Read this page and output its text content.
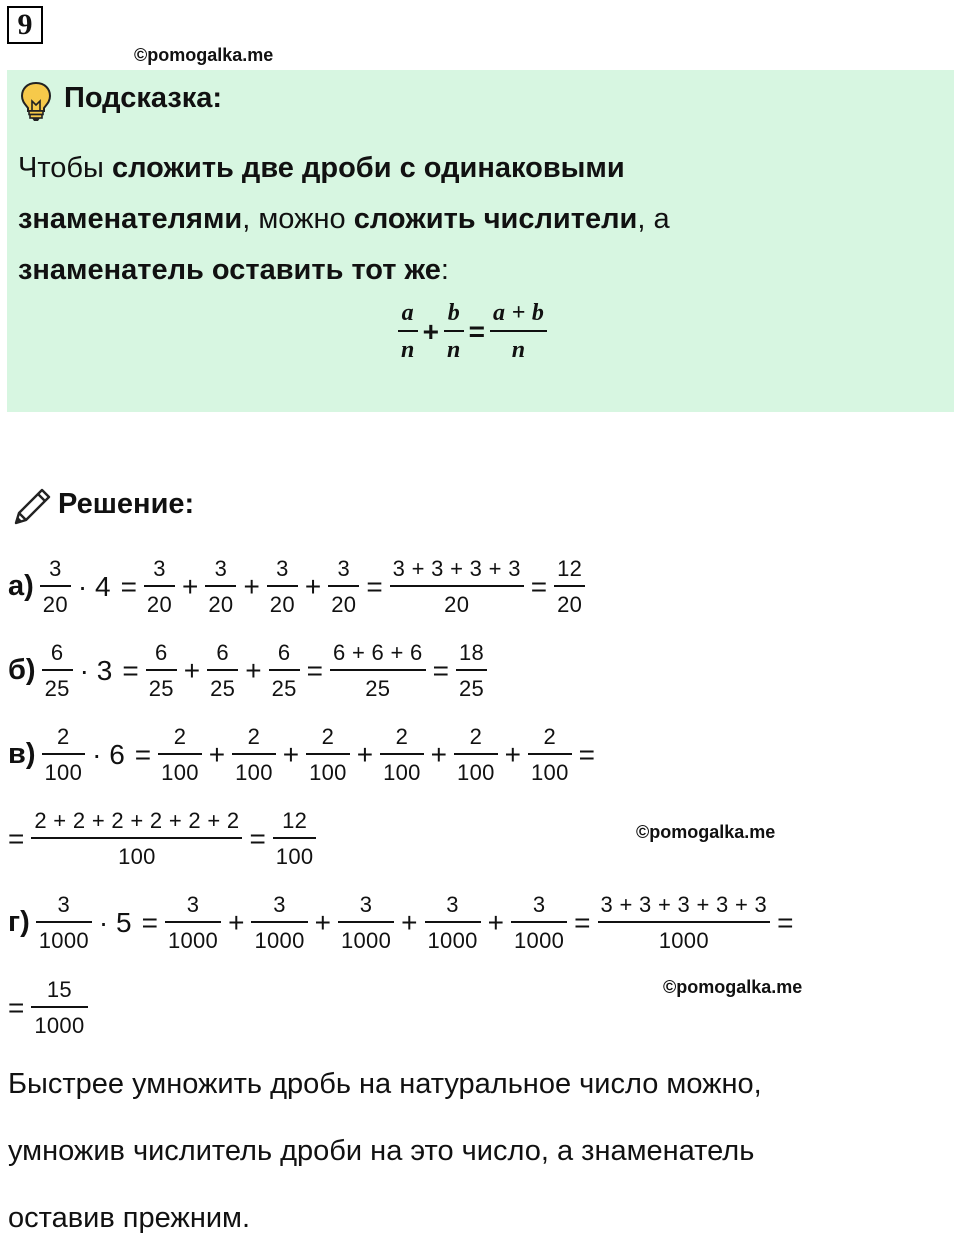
9
©pomogalka.me
Подсказка:
Чтобы сложить две дроби с одинаковыми
знаменателями, можно сложить числители, а
знаменатель оставить тот же:
$\frac{a}{n} + \frac{b}{n} = \frac{a + b}{n}$
Решение:
$а) \frac{3}{20} \cdot 4 = \frac{3}{20} + \frac{3}{20} + \frac{3}{20} + \frac{3}{20} = \frac{3 + 3 + 3 + 3}{20} = \frac{12}{20}$
$б) \frac{6}{25} \cdot 3 = \frac{6}{25} + \frac{6}{25} + \frac{6}{25} = \frac{6 + 6 + 6}{25} = \frac{18}{25}$
$в) \frac{2}{100} \cdot 6 = \frac{2}{100} + \frac{2}{100} + \frac{2}{100} + \frac{2}{100} + \frac{2}{100} + \frac{2}{100}$ =
= $\frac{2 + 2 + 2 + 2 + 2 + 2}{100} = \frac{12}{100}$	©pomogalka.me
$г) \frac{3}{1000} \cdot 5 = \frac{3}{1000} + \frac{3}{1000} + \frac{3}{1000} + \frac{3}{1000} + \frac{3}{1000} = \frac{3 + 3 + 3 + 3 + 3}{1000}$ =
= $\frac{15}{1000}$	©pomogalka.me
Быстрее умножить дробь на натуральное число можно,
умножив числитель дроби на это число, а знаменатель
оставив прежним.
